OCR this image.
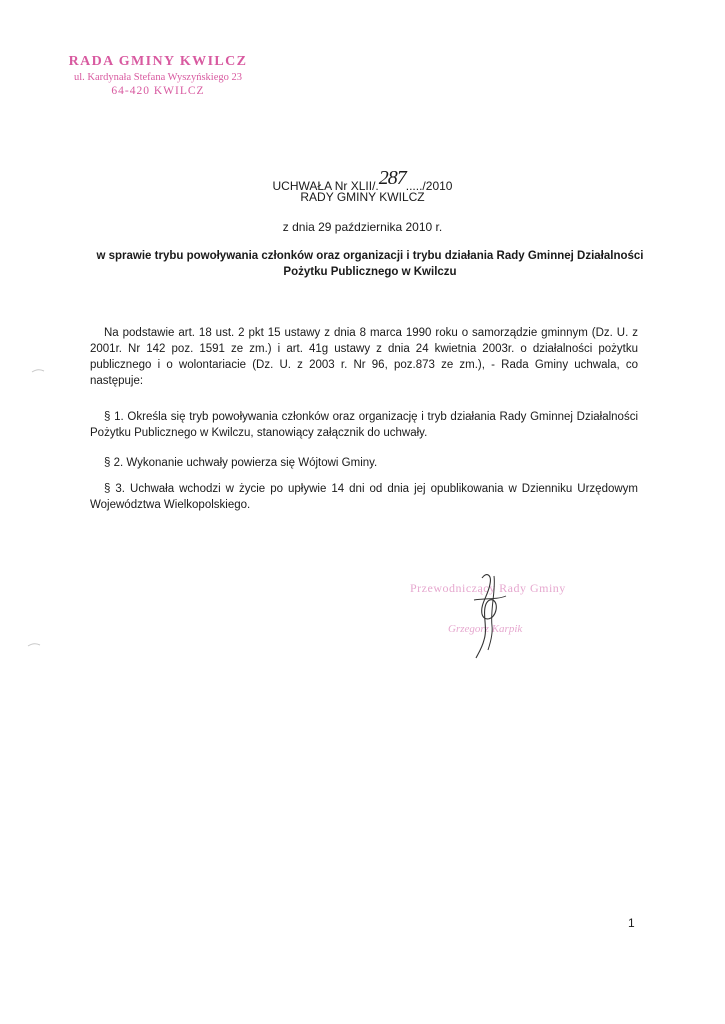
RADA GMINY KWILCZ
ul. Kardynała Stefana Wyszyńskiego 23
64-420 KWILCZ
UCHWAŁA Nr XLII/.287...../2010
RADY GMINY KWILCZ
z dnia 29 października 2010 r.
w sprawie trybu powoływania członków oraz organizacji i trybu działania Rady Gminnej Działalności Pożytku Publicznego w Kwilczu
Na podstawie art. 18 ust. 2 pkt 15 ustawy z dnia 8 marca 1990 roku o samorządzie gminnym (Dz. U. z 2001r. Nr 142 poz. 1591 ze zm.) i art. 41g ustawy z dnia 24 kwietnia 2003r. o działalności pożytku publicznego i o wolontariacie (Dz. U. z 2003 r. Nr 96, poz.873 ze zm.), - Rada Gminy uchwala, co następuje:
§ 1. Określa się tryb powoływania członków oraz organizację i tryb działania Rady Gminnej Działalności Pożytku Publicznego w Kwilczu, stanowiący załącznik do uchwały.
§ 2. Wykonanie uchwały powierza się Wójtowi Gminy.
§ 3. Uchwała wchodzi w życie po upływie 14 dni od dnia jej opublikowania w Dzienniku Urzędowym Województwa Wielkopolskiego.
Przewodniczący Rady Gminy
Grzegorz Karpik
1
